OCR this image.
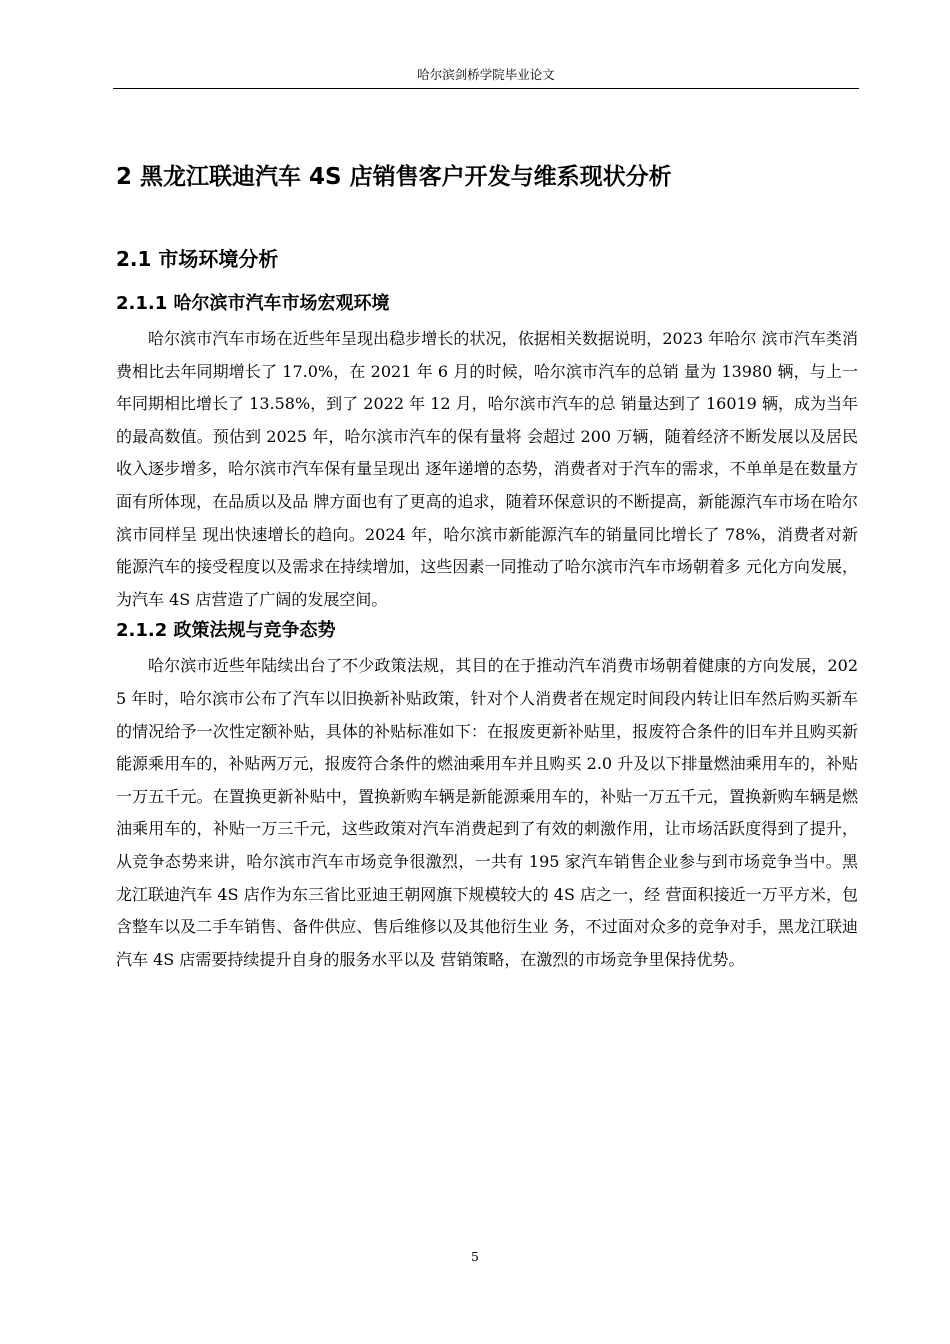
哈尔滨剑桥学院毕业论文
2 黑龙江联迪汽车 4S 店销售客户开发与维系现状分析
2.1 市场环境分析
2.1.1 哈尔滨市汽车市场宏观环境

哈尔滨市汽车市场在近些年呈现出稳步增长的状况，依据相关数据说明，2023 年哈尔 滨市汽车类消费相比去年同期增长了 17.0%，在 2021 年 6 月的时候，哈尔滨市汽车的总销 量为 13980 辆，与上一年同期相比增长了 13.58%，到了 2022 年 12 月，哈尔滨市汽车的总 销量达到了 16019 辆，成为当年的最高数值。预估到 2025 年，哈尔滨市汽车的保有量将 会超过 200 万辆，随着经济不断发展以及居民收入逐步增多，哈尔滨市汽车保有量呈现出 逐年递增的态势，消费者对于汽车的需求，不单单是在数量方面有所体现，在品质以及品 牌方面也有了更高的追求，随着环保意识的不断提高，新能源汽车市场在哈尔滨市同样呈 现出快速增长的趋向。2024 年，哈尔滨市新能源汽车的销量同比增长了 78%，消费者对新 能源汽车的接受程度以及需求在持续增加，这些因素一同推动了哈尔滨市汽车市场朝着多 元化方向发展，为汽车 4S 店营造了广阔的发展空间。

2.1.2 政策法规与竞争态势

哈尔滨市近些年陆续出台了不少政策法规，其目的在于推动汽车消费市场朝着健康的方向发展，2025 年时，哈尔滨市公布了汽车以旧换新补贴政策，针对个人消费者在规定时间段内转让旧车然后购买新车的情况给予一次性定额补贴，具体的补贴标准如下：在报废更新补贴里，报废符合条件的旧车并且购买新能源乘用车的，补贴两万元，报废符合条件的燃油乘用车并且购买 2.0 升及以下排量燃油乘用车的，补贴一万五千元。在置换更新补贴中，置换新购车辆是新能源乘用车的，补贴一万五千元，置换新购车辆是燃油乘用车的，补贴一万三千元，这些政策对汽车消费起到了有效的刺激作用，让市场活跃度得到了提升，从竞争态势来讲，哈尔滨市汽车市场竞争很激烈，一共有 195 家汽车销售企业参与到市场竞争当中。黑龙江联迪汽车 4S 店作为东三省比亚迪王朝网旗下规模较大的 4S 店之一，经 营面积接近一万平方米，包含整车以及二手车销售、备件供应、售后维修以及其他衍生业 务，不过面对众多的竞争对手，黑龙江联迪汽车 4S 店需要持续提升自身的服务水平以及 营销策略，在激烈的市场竞争里保持优势。

5
